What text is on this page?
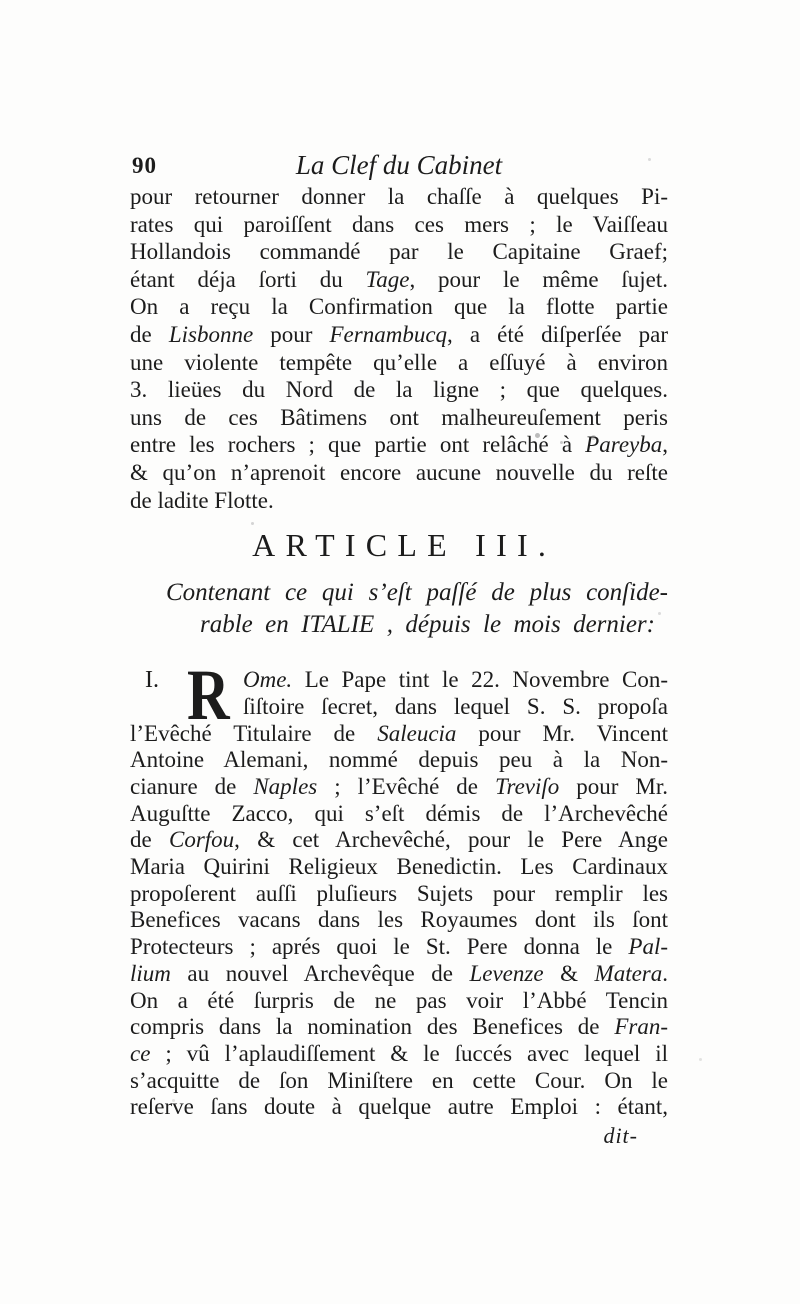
90	La Clef du Cabinet
pour retourner donner la chaſſe à quelques Pi-
rates qui paroiſſent dans ces mers ; le Vaiſſeau
Hollandois commandé par le Capitaine Graef;
étant déja ſorti du Tage, pour le même ſujet.
On a reçu la Confirmation que la flotte partie
de Lisbonne pour Fernambucq, a été diſperſée par
une violente tempête qu’elle a eſſuyé à environ
3. lieües du Nord de la ligne ; que quelques.
uns de ces Bâtimens ont malheureuſement peris
entre les rochers ; que partie ont relâché à Pareyba,
& qu’on n’aprenoit encore aucune nouvelle du reſte
de ladite Flotte.
ARTICLE III.
Contenant ce qui s’eſt paſſé de plus conſide-
rable en ITALIE , dépuis le mois dernier:
I. R Ome. Le Pape tint le 22. Novembre Con-
ſiſtoire ſecret, dans lequel S. S. propoſa
l’Evêché Titulaire de Saleucia pour Mr. Vincent
Antoine Alemani, nommé depuis peu à la Non-
cianure de Naples ; l’Evêché de Treviſo pour Mr.
Auguſtte Zacco, qui s’eſt démis de l’Archevêché
de Corfou, & cet Archevêché, pour le Pere Ange
Maria Quirini Religieux Benedictin. Les Cardinaux
propoſerent auſſi pluſieurs Sujets pour remplir les
Benefices vacans dans les Royaumes dont ils ſont
Protecteurs ; aprés quoi le St. Pere donna le Pal-
lium au nouvel Archevêque de Levenze & Matera.
On a été ſurpris de ne pas voir l’Abbé Tencin
compris dans la nomination des Benefices de Fran-
ce ; vû l’aplaudiſſement & le ſuccés avec lequel il
s’acquitte de ſon Miniſtere en cette Cour. On le
reſerve ſans doute à quelque autre Emploi : étant,
dit-
